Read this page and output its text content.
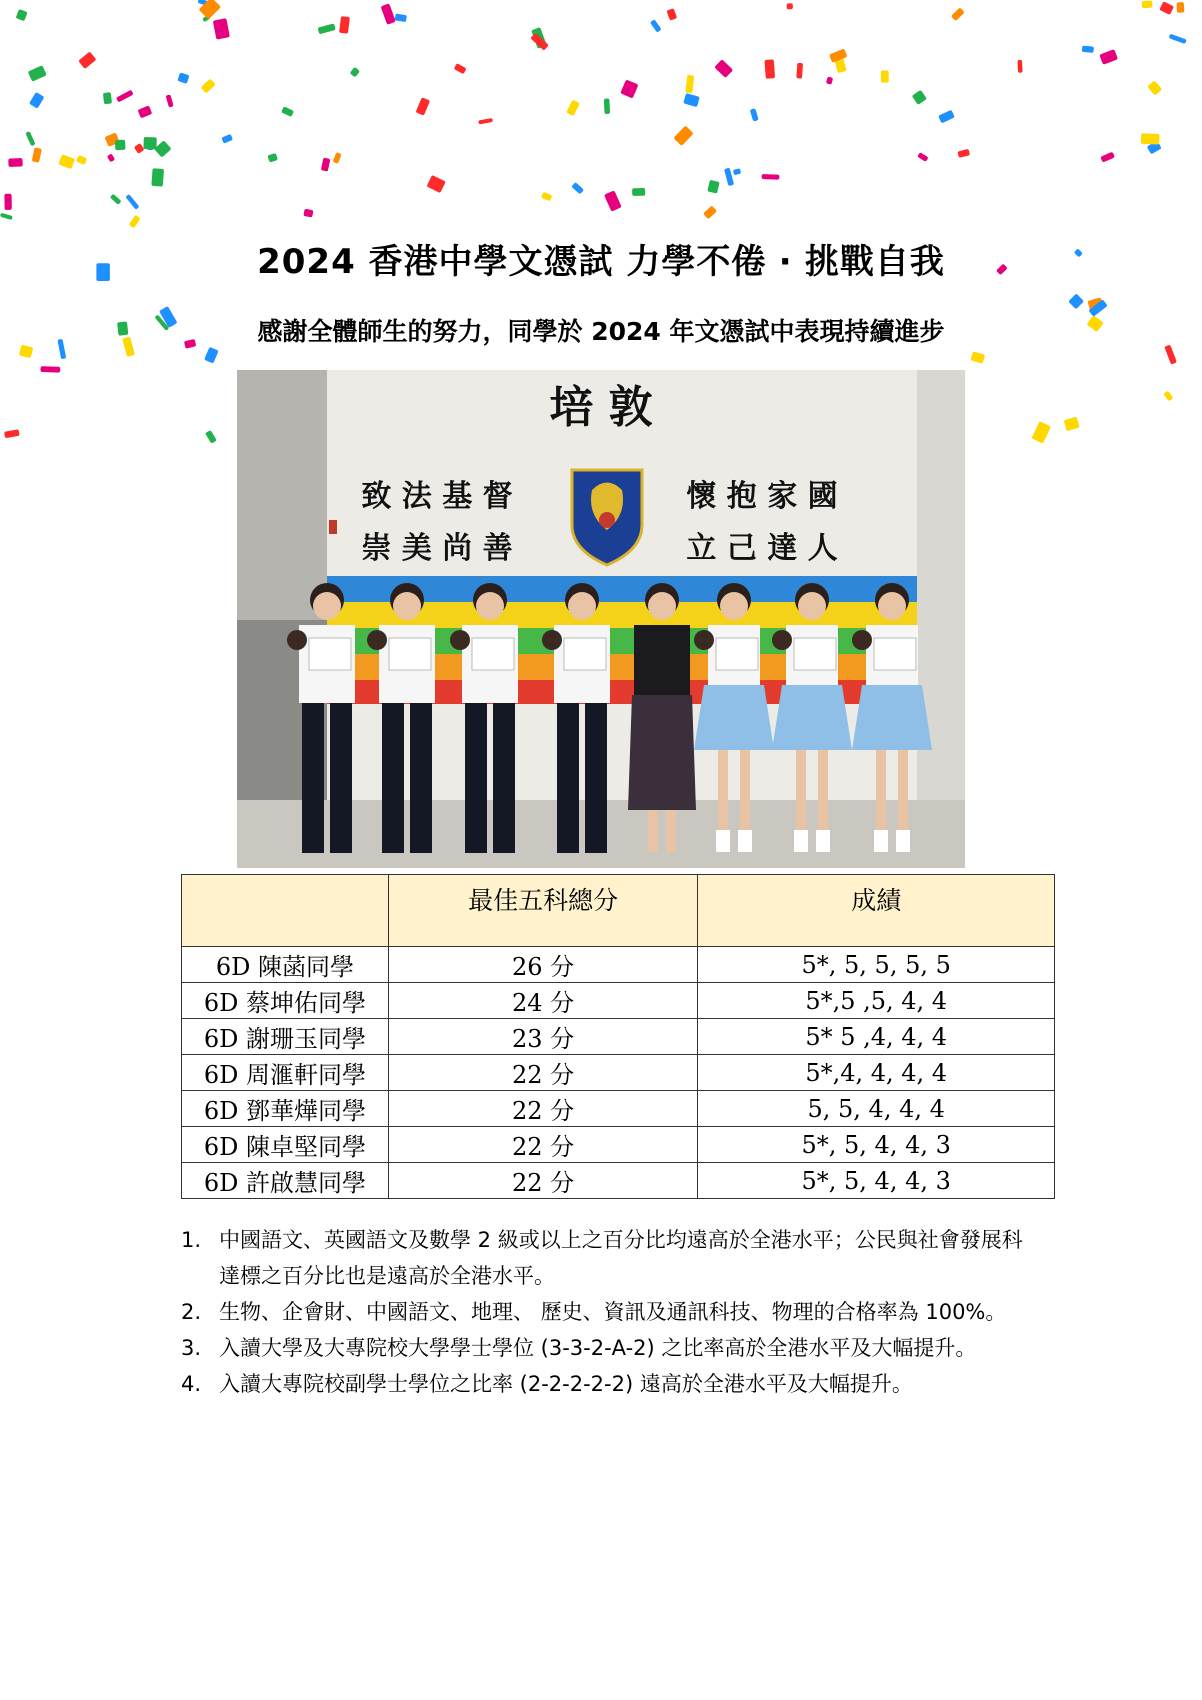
2024 香港中學文憑試 力學不倦 ‧ 挑戰自我
感謝全體師生的努力，同學於 2024 年文憑試中表現持續進步
培 敦
致 法 基 督
崇 美 尚 善
懷 抱 家 國
立 己 達 人
	最佳五科總分	成績
6D 陳菡同學	26 分	5*, 5, 5, 5, 5
6D 蔡坤佑同學	24 分	5*,5 ,5, 4, 4
6D 謝珊玉同學	23 分	5* 5 ,4, 4, 4
6D 周滙軒同學	22 分	5*,4, 4, 4, 4
6D 鄧華燁同學	22 分	5, 5, 4, 4, 4
6D 陳卓堅同學	22 分	5*, 5, 4, 4, 3
6D 許啟慧同學	22 分	5*, 5, 4, 4, 3
1. 中國語文、英國語文及數學 2 級或以上之百分比均遠高於全港水平；公民與社會發展科達標之百分比也是遠高於全港水平。
2. 生物、企會財、中國語文、地理、 歷史、資訊及通訊科技、物理的合格率為 100%。
3. 入讀大學及大專院校大學學士學位 (3-3-2-A-2) 之比率高於全港水平及大幅提升。
4. 入讀大專院校副學士學位之比率 (2-2-2-2-2) 遠高於全港水平及大幅提升。
